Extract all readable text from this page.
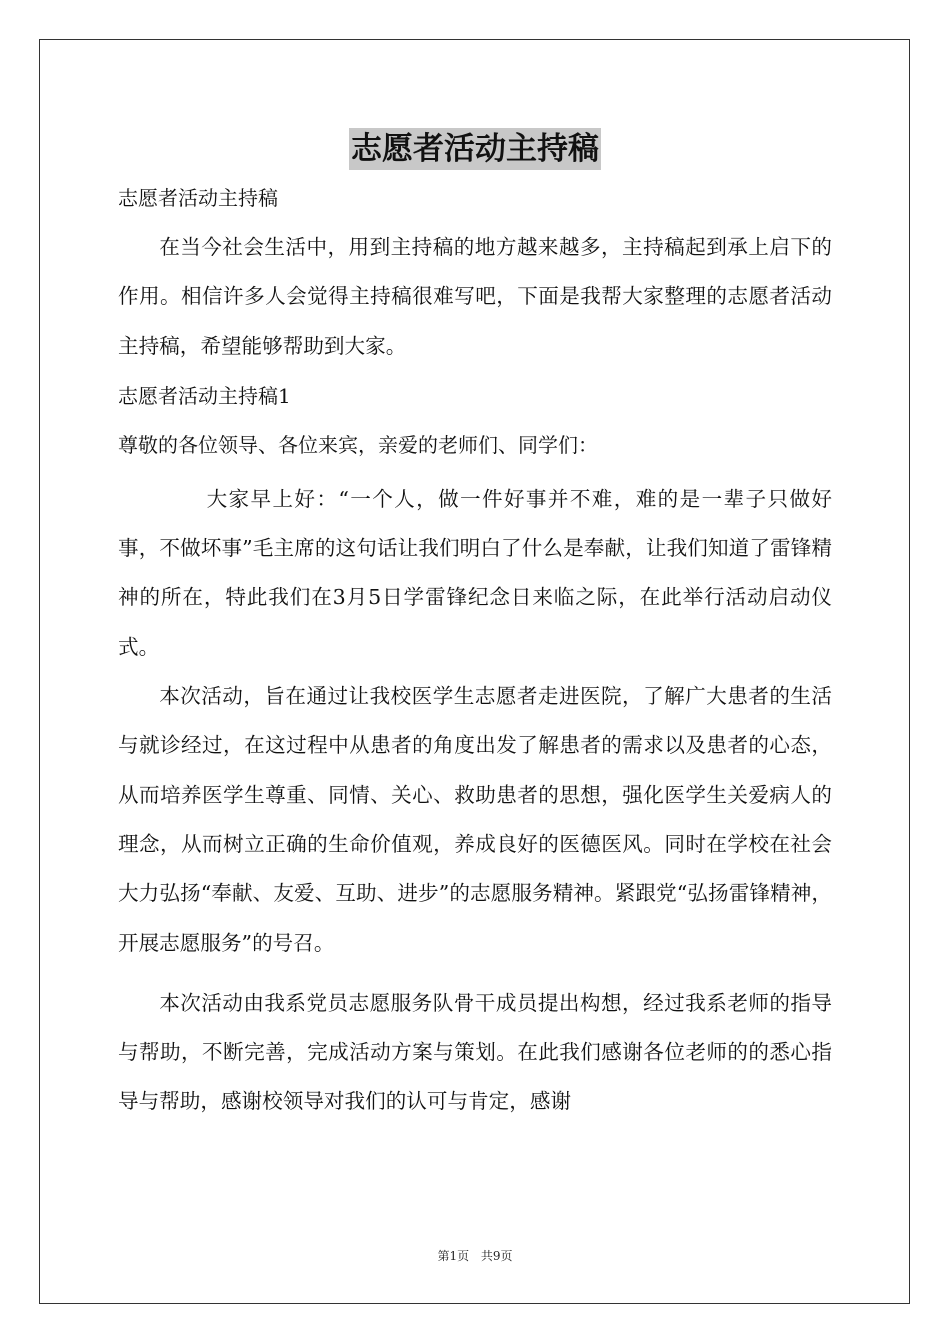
志愿者活动主持稿
志愿者活动主持稿

在当今社会生活中，用到主持稿的地方越来越多，主持稿起到承上启下的作用。相信许多人会觉得主持稿很难写吧，下面是我帮大家整理的志愿者活动主持稿，希望能够帮助到大家。

志愿者活动主持稿1
尊敬的各位领导、各位来宾，亲爱的老师们、同学们：

大家早上好：“一个人，做一件好事并不难，难的是一辈子只做好事，不做坏事”毛主席的这句话让我们明白了什么是奉献，让我们知道了雷锋精神的所在，特此我们在3月5日学雷锋纪念日来临之际，在此举行活动启动仪式。

本次活动，旨在通过让我校医学生志愿者走进医院，了解广大患者的生活与就诊经过，在这过程中从患者的角度出发了解患者的需求以及患者的心态，从而培养医学生尊重、同情、关心、救助患者的思想，强化医学生关爱病人的理念，从而树立正确的生命价值观，养成良好的医德医风。同时在学校在社会大力弘扬“奉献、友爱、互助、进步”的志愿服务精神。紧跟党“弘扬雷锋精神，开展志愿服务”的号召。

本次活动由我系党员志愿服务队骨干成员提出构想，经过我系老师的指导与帮助，不断完善，完成活动方案与策划。在此我们感谢各位老师的的悉心指导与帮助，感谢校领导对我们的认可与肯定，感谢

第1页 共9页
